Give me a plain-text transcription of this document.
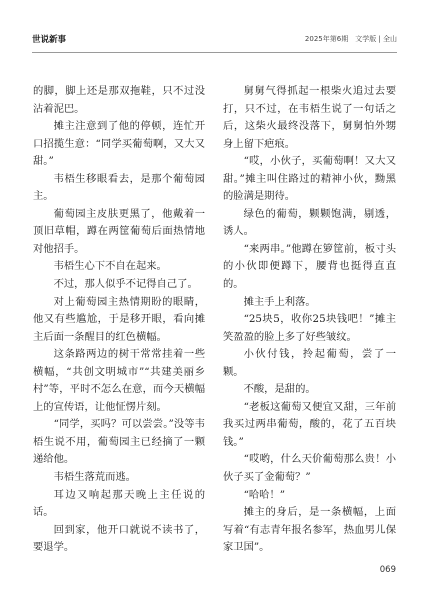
世说新事	2025年第6期　文学版 | 全山

的脚，脚上还是那双拖鞋，只不过没沾着泥巴。

摊主注意到了他的停顿，连忙开口招揽生意：“同学买葡萄啊，又大又甜。”

韦梧生移眼看去，是那个葡萄园主。

葡萄园主皮肤更黑了，他戴着一顶旧草帽，蹲在两筐葡萄后面热情地对他招手。

韦梧生心下不自在起来。

不过，那人似乎不记得自己了。

对上葡萄园主热情期盼的眼睛，他又有些尴尬，于是移开眼，看向摊主后面一条醒目的红色横幅。

这条路两边的树干常常挂着一些横幅，“共创文明城市”“共建美丽乡村”等，平时不怎么在意，而今天横幅上的宣传语，让他怔愣片刻。

“同学，买吗？可以尝尝。”没等韦梧生说不用，葡萄园主已经摘了一颗递给他。

韦梧生落荒而逃。

耳边又响起那天晚上主任说的话。

回到家，他开口就说不读书了，要退学。

舅舅气得抓起一根柴火追过去要打，只不过，在韦梧生说了一句话之后，这柴火最终没落下，舅舅怕外甥身上留下疤痕。

“哎，小伙子，买葡萄啊！又大又甜。”摊主叫住路过的精神小伙，黝黑的脸满是期待。

绿色的葡萄，颗颗饱满，剔透，诱人。

“来两串。”他蹲在箩筐前，板寸头的小伙即便蹲下，腰背也挺得直直的。

摊主手上利落。

“25块5，收你25块钱吧！”摊主笑盈盈的脸上多了好些皱纹。

小伙付钱，拎起葡萄，尝了一颗。

不酸，是甜的。

“老板这葡萄又便宜又甜，三年前我买过两串葡萄，酸的，花了五百块钱。”

“哎哟，什么天价葡萄那么贵！小伙子买了金葡萄？”

“哈哈！”

摊主的身后，是一条横幅，上面写着“有志青年报名参军，热血男儿保家卫国”。

069
